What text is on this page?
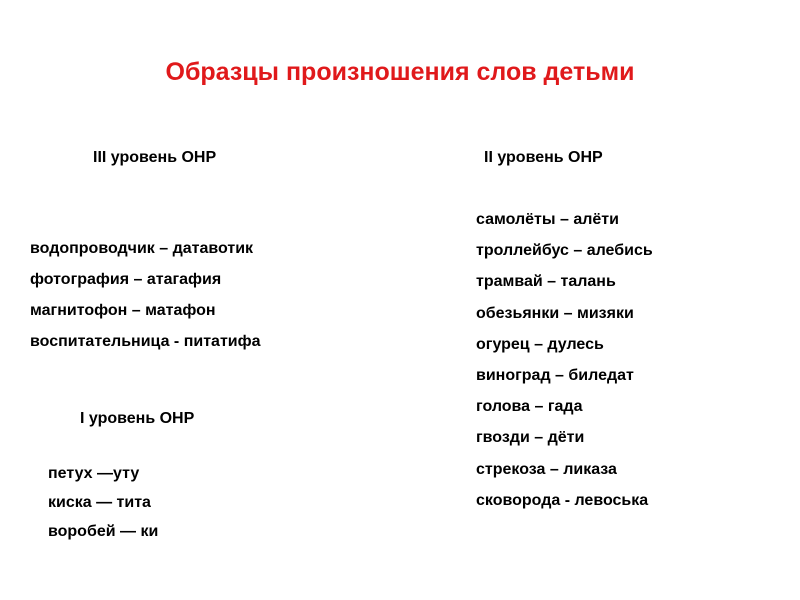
Образцы произношения слов детьми
III уровень ОНР
водопроводчик – датавотик
фотография – атагафия
магнитофон – матафон
воспитательница - питатифа
II уровень ОНР
самолёты – алёти
троллейбус – алебись
трамвай – талань
обезьянки – мизяки
огурец – дулесь
виноград – биледат
голова – гада
гвозди – дёти
стрекоза – ликаза
сковорода - левоська
I уровень ОНР
петух —уту
киска — тита
воробей — ки
